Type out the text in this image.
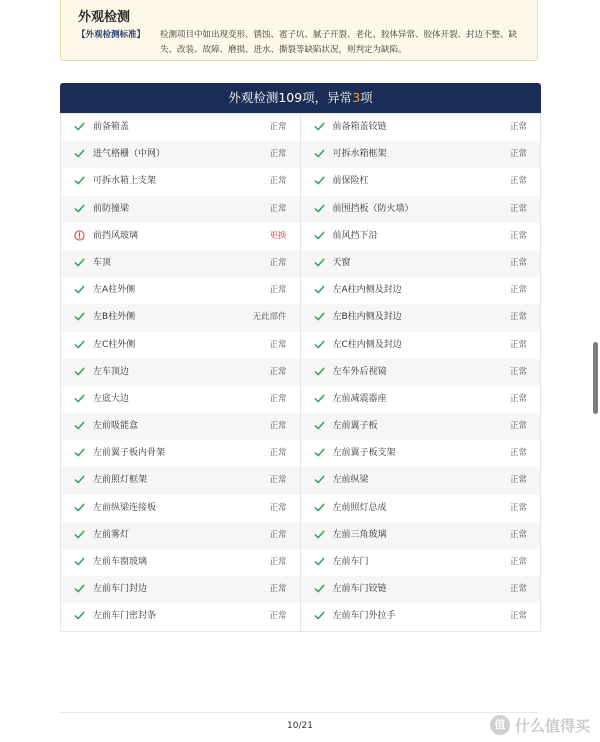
外观检测
【外观检测标准】 检测项目中如出现变形、锈蚀、雹子坑、腻子开裂、老化、胶体异常、胶体开裂、封边不整、缺失、改装、故障、磨损、进水、撕裂等缺陷状况，则判定为缺陷。
外观检测109项，异常3项
前备箱盖	正常	前备箱盖铰链	正常
进气格栅（中网）	正常	可拆水箱框架	正常
可拆水箱上支架	正常	前保险杠	正常
前防撞梁	正常	前围挡板（防火墙）	正常
前挡风玻璃	更换	前风挡下沿	正常
车顶	正常	天窗	正常
左A柱外侧	正常	左A柱内侧及封边	正常
左B柱外侧	无此部件	左B柱内侧及封边	正常
左C柱外侧	正常	左C柱内侧及封边	正常
左车顶边	正常	左车外后视镜	正常
左底大边	正常	左前减震器座	正常
左前吸能盒	正常	左前翼子板	正常
左前翼子板内骨架	正常	左前翼子板支架	正常
左前照灯框架	正常	左前纵梁	正常
左前纵梁连接板	正常	左前照灯总成	正常
左前雾灯	正常	左前三角玻璃	正常
左前车窗玻璃	正常	左前车门	正常
左前车门封边	正常	左前车门铰链	正常
左前车门密封条	正常	左前车门外拉手	正常
10/21	值 什么值得买
